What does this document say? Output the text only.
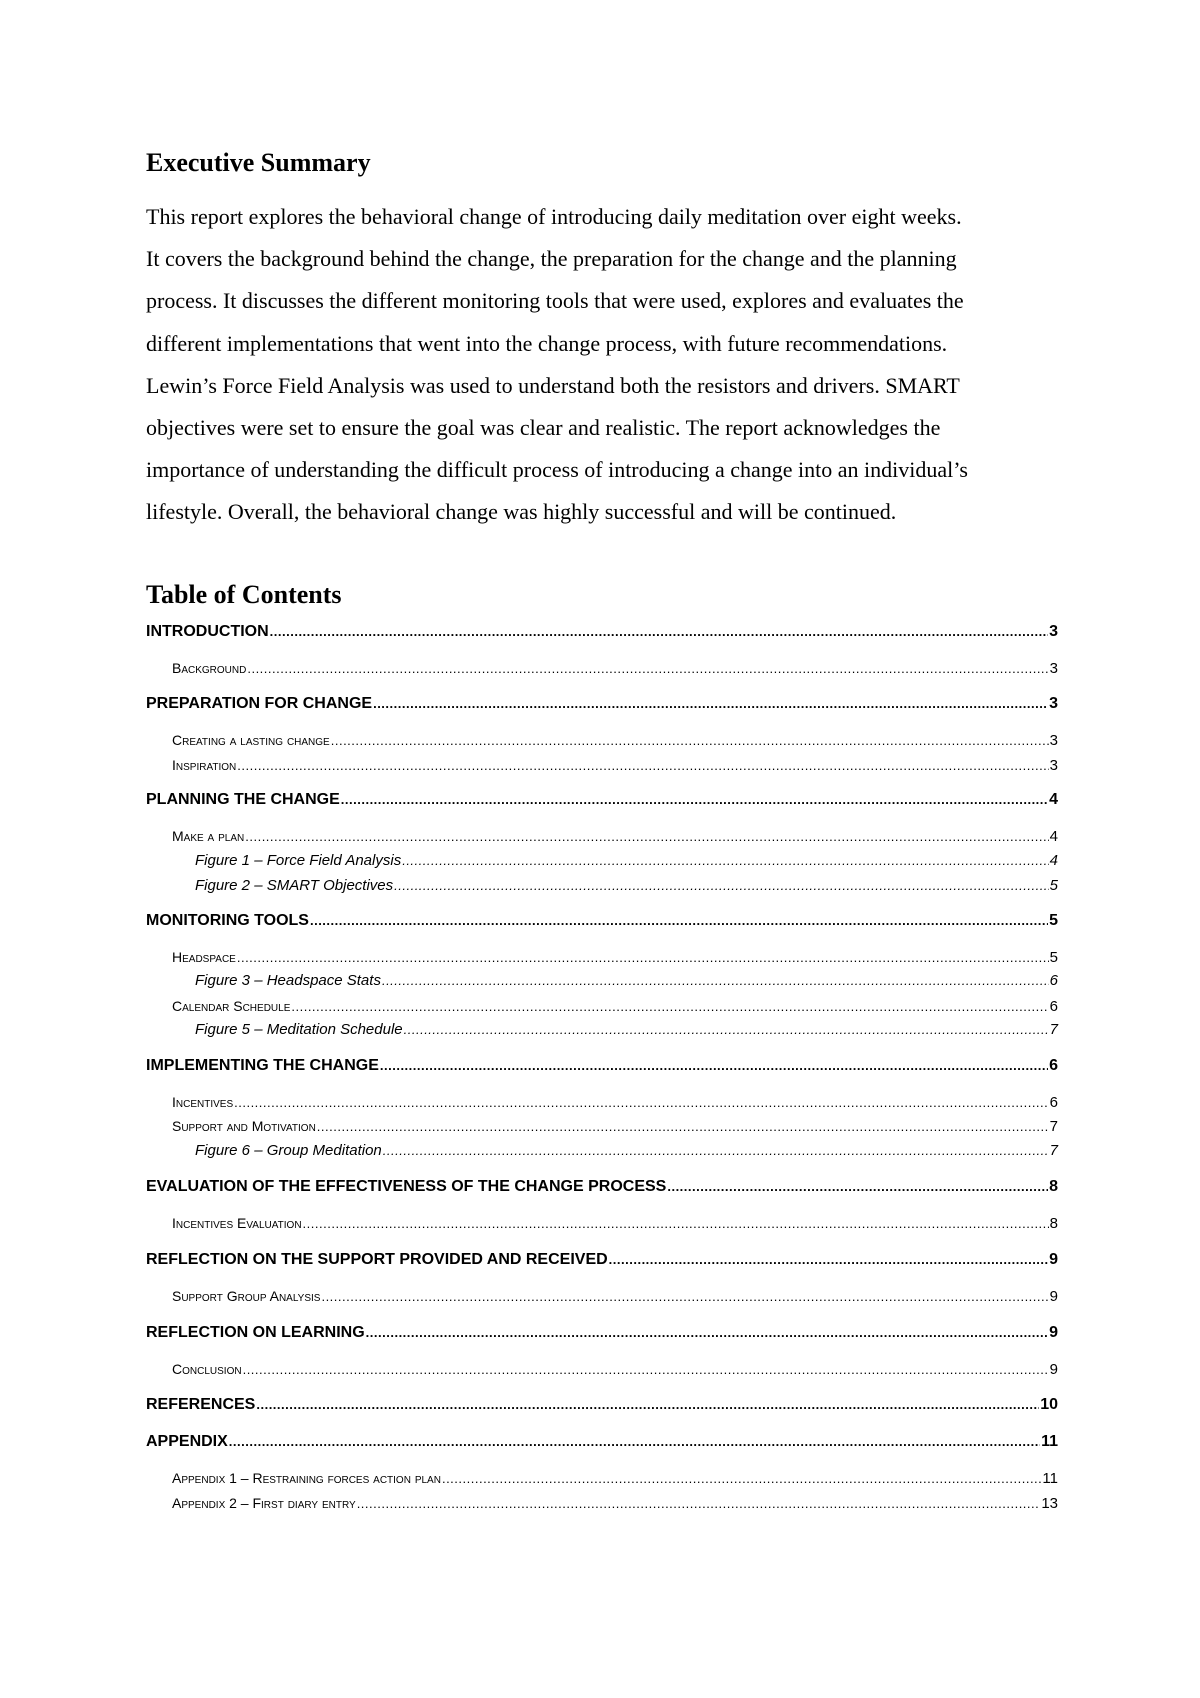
Executive Summary

This report explores the behavioral change of introducing daily meditation over eight weeks.
It covers the background behind the change, the preparation for the change and the planning
process. It discusses the different monitoring tools that were used, explores and evaluates the
different implementations that went into the change process, with future recommendations.
Lewin’s Force Field Analysis was used to understand both the resistors and drivers. SMART
objectives were set to ensure the goal was clear and realistic. The report acknowledges the
importance of understanding the difficult process of introducing a change into an individual’s
lifestyle. Overall, the behavioral change was highly successful and will be continued.

Table of Contents
INTRODUCTION .....	3
Background .....	3
PREPARATION FOR CHANGE .....	3
Creating a lasting change .....	3
Inspiration .....	3
PLANNING THE CHANGE .....	4
Make a plan .....	4
Figure 1 – Force Field Analysis .....	4
Figure 2 – SMART Objectives .....	5
MONITORING TOOLS .....	5
Headspace .....	5
Figure 3 – Headspace Stats .....	6
Calendar Schedule .....	6
Figure 5 – Meditation Schedule .....	7
IMPLEMENTING THE CHANGE .....	6
Incentives .....	6
Support and Motivation .....	7
Figure 6 – Group Meditation .....	7
EVALUATION OF THE EFFECTIVENESS OF THE CHANGE PROCESS .....	8
Incentives Evaluation .....	8
REFLECTION ON THE SUPPORT PROVIDED AND RECEIVED .....	9
Support Group Analysis .....	9
REFLECTION ON LEARNING .....	9
Conclusion .....	9
REFERENCES .....	10
APPENDIX .....	11
Appendix 1 – Restraining forces action plan .....	11
Appendix 2 – First diary entry .....	13
